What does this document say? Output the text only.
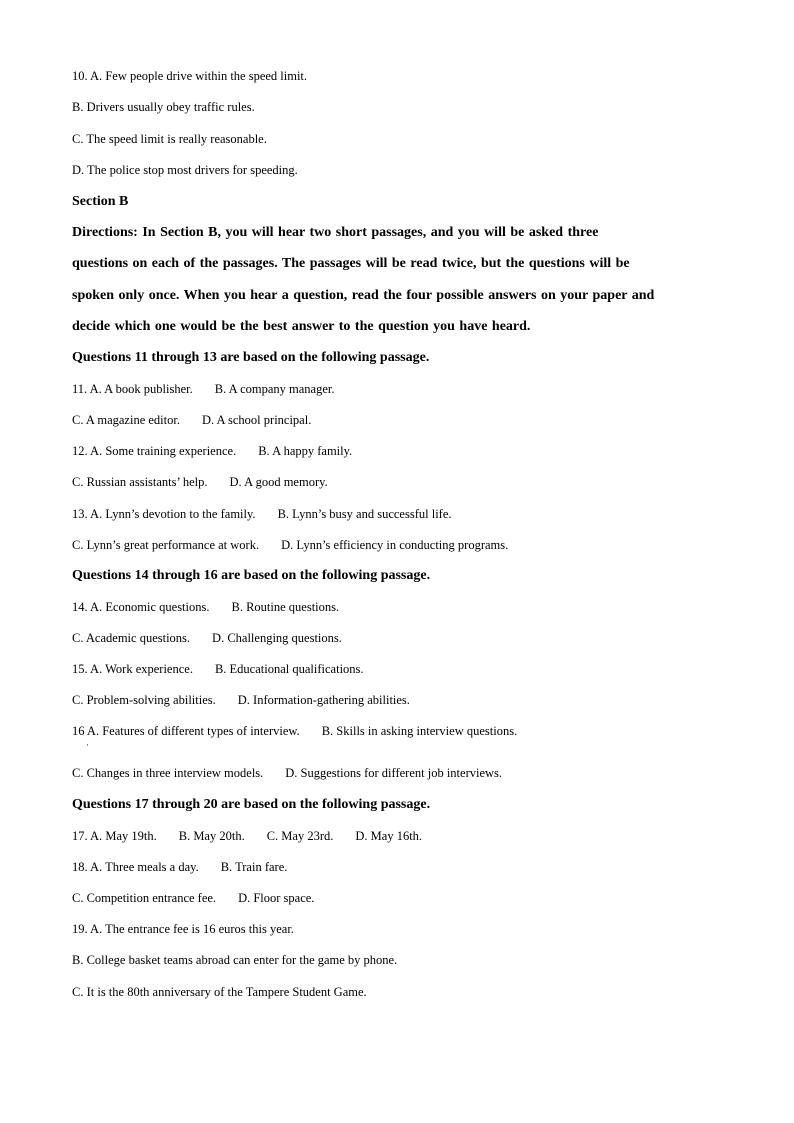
10. A. Few people drive within the speed limit.
B. Drivers usually obey traffic rules.
C. The speed limit is really reasonable.
D. The police stop most drivers for speeding.
Section B
Directions: In Section B, you will hear two short passages, and you will be asked three
questions on each of the passages. The passages will be read twice, but the questions will be
spoken only once. When you hear a question, read the four possible answers on your paper and
decide which one would be the best answer to the question you have heard.
Questions 11 through 13 are based on the following passage.
11. A. A book publisher. B. A company manager.
C. A magazine editor. D. A school principal.
12. A. Some training experience. B. A happy family.
C. Russian assistants’ help. D. A good memory.
13. A. Lynn’s devotion to the family. B. Lynn’s busy and successful life.
C. Lynn’s great performance at work. D. Lynn’s efficiency in conducting programs.
Questions 14 through 16 are based on the following passage.
14. A. Economic questions. B. Routine questions.
C. Academic questions. D. Challenging questions.
15. A. Work experience. B. Educational qualifications.
C. Problem-solving abilities. D. Information-gathering abilities.
16 A. Features of different types of interview. B. Skills in asking interview questions.
·
C. Changes in three interview models. D. Suggestions for different job interviews.
Questions 17 through 20 are based on the following passage.
17. A. May 19th. B. May 20th. C. May 23rd. D. May 16th.
18. A. Three meals a day. B. Train fare.
C. Competition entrance fee. D. Floor space.
19. A. The entrance fee is 16 euros this year.
B. College basket teams abroad can enter for the game by phone.
C. It is the 80th anniversary of the Tampere Student Game.
